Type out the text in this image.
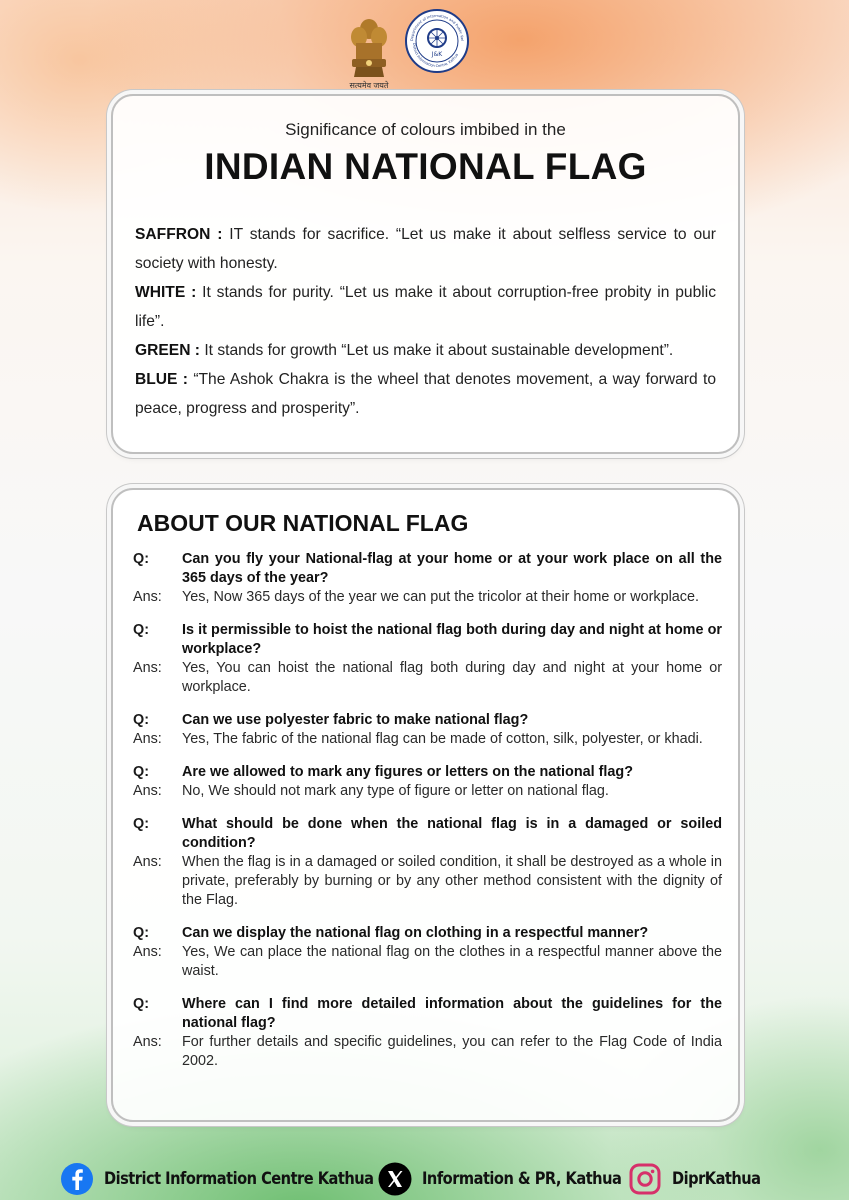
सत्यमेव जयते
J&K
Department of Information and Public Rel
District Information Centre, Kathua
Significance of colours imbibed in the
INDIAN NATIONAL FLAG

SAFFRON : IT stands for sacrifice. “Let us make it about selfless service to our society with honesty.

WHITE : It stands for purity. “Let us make it about corruption-free probity in public life”.

GREEN : It stands for growth “Let us make it about sustainable development”.

BLUE : “The Ashok Chakra is the wheel that denotes movement, a way forward to peace, progress and prosperity”.

ABOUT OUR NATIONAL FLAG
Q:	Can you fly your National-flag at your home or at your work place on all the 365 days of the year?
Ans:	Yes, Now 365 days of the year we can put the tricolor at their home or workplace.
Q:	Is it permissible to hoist the national flag both during day and night at home or workplace?
Ans:	Yes, You can hoist the national flag both during day and night at your home or workplace.
Q:	Can we use polyester fabric to make national flag?
Ans:	Yes, The fabric of the national flag can be made of cotton, silk, polyester, or khadi.
Q:	Are we allowed to mark any figures or letters on the national flag?
Ans:	No, We should not mark any type of figure or letter on national flag.
Q:	What should be done when the national flag is in a damaged or soiled condition?
Ans:	When the flag is in a damaged or soiled condition, it shall be destroyed as a whole in private, preferably by burning or by any other method consistent with the dignity of the Flag.
Q:	Can we display the national flag on clothing in a respectful manner?
Ans:	Yes, We can place the national flag on the clothes in a respectful manner above the waist.
Q:	Where can I find more detailed information about the guidelines for the national flag?
Ans:	For further details and specific guidelines, you can refer to the Flag Code of India 2002.
District Information Centre Kathua	Information & PR, Kathua	DiprKathua
